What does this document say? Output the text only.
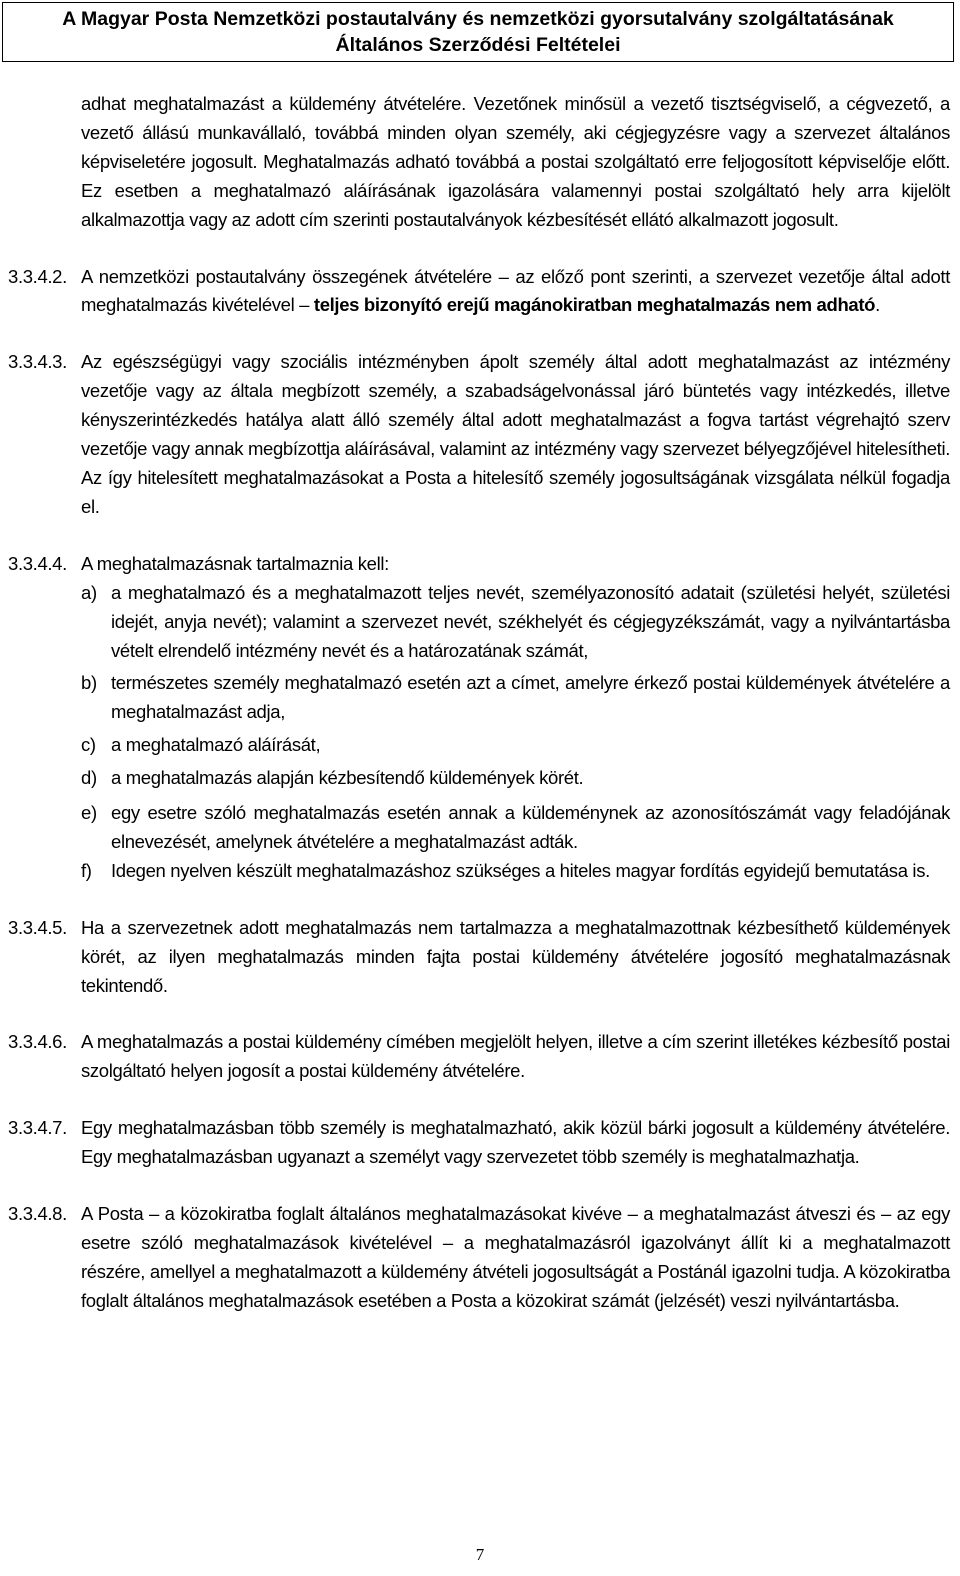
A Magyar Posta Nemzetközi postautalvány és nemzetközi gyorsutalvány szolgáltatásának
Általános Szerződési Feltételei
adhat meghatalmazást a küldemény átvételére. Vezetőnek minősül a vezető tisztségviselő, a cégvezető, a vezető állású munkavállaló, továbbá minden olyan személy, aki cégjegyzésre vagy a szervezet általános képviseletére jogosult. Meghatalmazás adható továbbá a postai szolgáltató erre feljogosított képviselője előtt. Ez esetben a meghatalmazó aláírásának igazolására valamennyi postai szolgáltató hely arra kijelölt alkalmazottja vagy az adott cím szerinti postautalványok kézbesítését ellátó alkalmazott jogosult.
3.3.4.2. A nemzetközi postautalvány összegének átvételére – az előző pont szerinti, a szervezet vezetője által adott meghatalmazás kivételével – teljes bizonyító erejű magánokiratban meghatalmazás nem adható.
3.3.4.3. Az egészségügyi vagy szociális intézményben ápolt személy által adott meghatalmazást az intézmény vezetője vagy az általa megbízott személy, a szabadságelvonással járó büntetés vagy intézkedés, illetve kényszerintézkedés hatálya alatt álló személy által adott meghatalmazást a fogva tartást végrehajtó szerv vezetője vagy annak megbízottja aláírásával, valamint az intézmény vagy szervezet bélyegzőjével hitelesítheti. Az így hitelesített meghatalmazásokat a Posta a hitelesítő személy jogosultságának vizsgálata nélkül fogadja el.
3.3.4.4. A meghatalmazásnak tartalmaznia kell:
a) a meghatalmazó és a meghatalmazott teljes nevét, személyazonosító adatait (születési helyét, születési idejét, anyja nevét); valamint a szervezet nevét, székhelyét és cégjegyzékszámát, vagy a nyilvántartásba vételt elrendelő intézmény nevét és a határozatának számát,
b) természetes személy meghatalmazó esetén azt a címet, amelyre érkező postai küldemények átvételére a meghatalmazást adja,
c) a meghatalmazó aláírását,
d) a meghatalmazás alapján kézbesítendő küldemények körét.
e) egy esetre szóló meghatalmazás esetén annak a küldeménynek az azonosítószámát vagy feladójának elnevezését, amelynek átvételére a meghatalmazást adták.
f) Idegen nyelven készült meghatalmazáshoz szükséges a hiteles magyar fordítás egyidejű bemutatása is.
3.3.4.5. Ha a szervezetnek adott meghatalmazás nem tartalmazza a meghatalmazottnak kézbesíthető küldemények körét, az ilyen meghatalmazás minden fajta postai küldemény átvételére jogosító meghatalmazásnak tekintendő.
3.3.4.6. A meghatalmazás a postai küldemény címében megjelölt helyen, illetve a cím szerint illetékes kézbesítő postai szolgáltató helyen jogosít a postai küldemény átvételére.
3.3.4.7. Egy meghatalmazásban több személy is meghatalmazható, akik közül bárki jogosult a küldemény átvételére. Egy meghatalmazásban ugyanazt a személyt vagy szervezetet több személy is meghatalmazhatja.
3.3.4.8. A Posta – a közokiratba foglalt általános meghatalmazásokat kivéve – a meghatalmazást átveszi és – az egy esetre szóló meghatalmazások kivételével – a meghatalmazásról igazolványt állít ki a meghatalmazott részére, amellyel a meghatalmazott a küldemény átvételi jogosultságát a Postánál igazolni tudja. A közokiratba foglalt általános meghatalmazások esetében a Posta a közokirat számát (jelzését) veszi nyilvántartásba.
7
